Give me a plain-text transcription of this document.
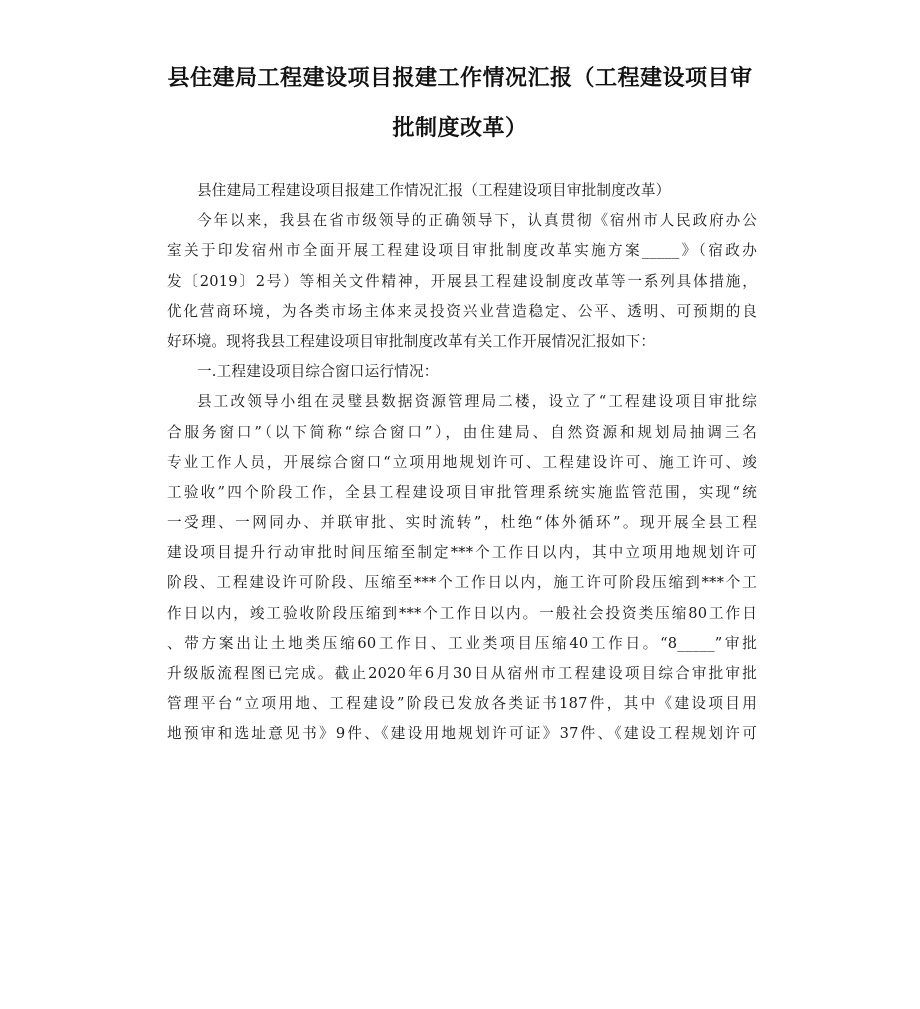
县住建局工程建设项目报建工作情况汇报（工程建设项目审
批制度改革）
县住建局工程建设项目报建工作情况汇报（工程建设项目审批制度改革）
今年以来，我县在省市级领导的正确领导下，认真贯彻《宿州市人民政府办公
室关于印发宿州市全面开展工程建设项目审批制度改革实施方案_____》（宿政办
发〔2019〕2号）等相关文件精神，开展县工程建设制度改革等一系列具体措施，
优化营商环境，为各类市场主体来灵投资兴业营造稳定、公平、透明、可预期的良
好环境。现将我县工程建设项目审批制度改革有关工作开展情况汇报如下：
一.工程建设项目综合窗口运行情况：
县工改领导小组在灵璧县数据资源管理局二楼，设立了“工程建设项目审批综
合服务窗口”（以下简称“综合窗口”），由住建局、自然资源和规划局抽调三名
专业工作人员，开展综合窗口“立项用地规划许可、工程建设许可、施工许可、竣
工验收”四个阶段工作，全县工程建设项目审批管理系统实施监管范围，实现“统
一受理、一网同办、并联审批、实时流转”，杜绝“体外循环”。现开展全县工程
建设项目提升行动审批时间压缩至制定***个工作日以内，其中立项用地规划许可
阶段、工程建设许可阶段、压缩至***个工作日以内，施工许可阶段压缩到***个工
作日以内，竣工验收阶段压缩到***个工作日以内。一般社会投资类压缩80工作日
、带方案出让土地类压缩60工作日、工业类项目压缩40工作日。“8_____”审批
升级版流程图已完成。截止2020年6月30日从宿州市工程建设项目综合审批审批
管理平台“立项用地、工程建设”阶段已发放各类证书187件，其中《建设项目用
地预审和选址意见书》9件、《建设用地规划许可证》37件、《建设工程规划许可
